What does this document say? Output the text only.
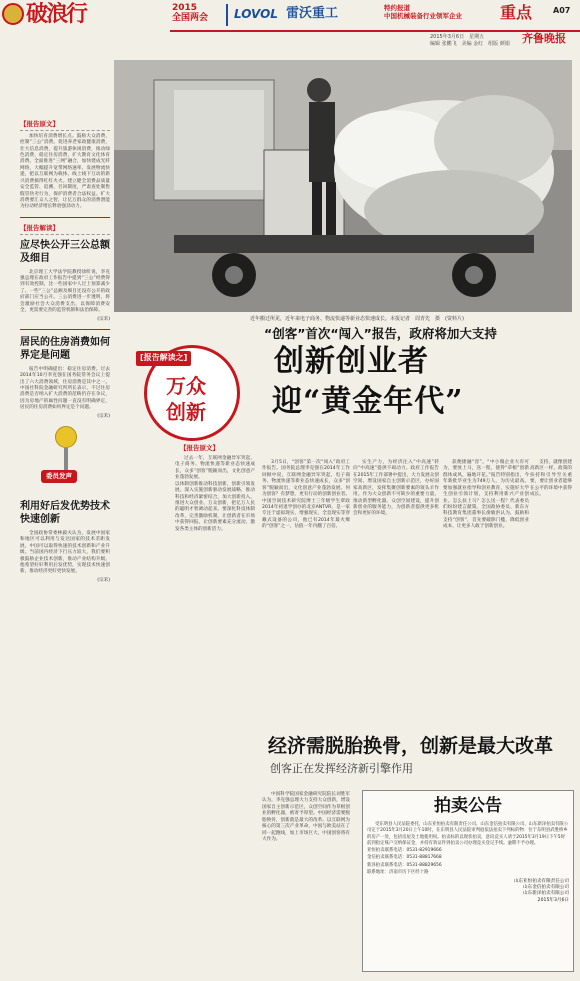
破浪行	2015
全国两会 LOVOL 雷沃重工	特约报道
中国机械装备行业领军企业 重点	A07
2015年3月6日　星期五
编辑 张鹏飞　美编 金红　组版 颜娟 齐鲁晚报
【报告原文】
加快培育消费增长点。鼓励大众消费，控制“三公”消费。促进养老家政健康消费，壮大信息消费，提升旅游休闲消费，推动绿色消费，稳定住房消费，扩大教育文化体育消费。全面推进“三网”融合，加快建成光纤网络，大幅提升宽带网络速率，发展物流快递，把以互联网为载体、线上线下互动的新兴消费搞得红红火火。建立健全消费品质量安全监管、追溯、召回制度，严肃查处制售假冒伪劣行为，保护消费者合法权益。扩大消费要汇众人之智，让亿万群众的消费潜能为拉动经济增长释放强劲动力。
【报告解读】
应尽快公开三公总额及细目
北京理工大学法学院教授徐昕说，李克强总理在政府工作报告中提到“三公”经费得到有效控制，比一些国家中人过上预算减少了。一些“三公”总额及细目还没有公开的政府部门应当公开。三公消费进一步透明，将会激励社会大众消费支出，以保障消费安全，更需要完善的监管机制和法治保障。
(宗禾)
居民的住房消费如何界定是问题
报告中明确提出：稳定住房消费。过去2014年10月李克强在国务院常务会议上提出了六大消费领域，住房消费是其中之一。中国社科院金融研究所所长表示，不过住房消费是否纳入扩大消费的范畴仍存在争议，因为房地产的属性问题一直没有明确界定，居民的住房消费如何界定是个问题。
(宗禾)
委员发声
利用好后发优势技术快速创新
全国政协常委林毅夫认为，发展中国家和地区可以利用与发达国家的技术差距发展，中国可以取得快速的技术创新和产业升级。当前国内经济下行压力较大，我们要积极鼓励企业技术创新，推动产业结构升级。他希望好好利用后发优势，实现技术快速创新，推动经济更好更快发展。
(宗禾)
近年搬迁所见，近年来电子商务、物流快递等新业态快速成长。本报记者　周青先　摄　(资料片)
“创客”首次“闯入”报告，政府将加大支持
创新创业者
迎“黄金年代”
[报告解读之]
万众
创新
【报告原文】
过去一年，互联网金融异军突起，电子商务、物流快递等新业态快速成长，众多“创客”脱颖而出，文化创意产业蓬勃发展。
以体制创新推动科技创新，创新引领发展。深入实施创新驱动发展战略，推动科技和经济紧密结合，加大创新投入，推进大众创业、万众创新，把亿万人民的聪明才智调动起来。要深化科技体制改革，完善激励机制，让创新者在市场中获得回报，让创新要素充分流动，激发各类主体的创新活力。
3月5日，“创客”第一次“闯入”政府工作报告。国务院总理李克强在2014年工作回顾中说，互联网金融异军突起，电子商务、物流快递等新业态快速成长，众多“创客”脱颖而出，文化创意产业蓬勃发展。何为创客？有梦想，更有行动的创新创业者。中国空间技术研究院博士三年级学生覃政2014年初退学创办的北京ANTVR，是一家专注于虚拟现实、增强现实，全息现实等穿戴式设备的公司，他已有2014年最火爆的“创客”之一，估值一年内翻了百倍。
实生产力，为经济注入“中高速”转向“中高速”提供不竭动力。政府工作报告在2015年工作部署中提出，大力发展众创空间，增设国家自主创新示范区，办好国家高新区，发挥集聚创新要素的领头羊作用。作为大众创新不可缺少的重要力量，推动新型孵化器、众创空间建设，提升创新创业的服务能力，为创新者提供更多机会和更好的环境。
获便捷融“容”。“中小微企业大有可为，要放上马，送一程，使得“草根”创新群体成风，遍地开花。”报告特别指出，今年新批毕业生为749万人，为历史最高。要加强就业指导和创业教育，实施好大学生创业引领计划，支持利用新兴产业创业。怎么扶上马？怎么送一程？代表委员们纷纷建言献策。全国政协委员、新东方科技教育集团董事长俞敏洪认为，鼓励和支持“创客”，首先要破除门槛，降低创业成本，让更多人敢于创新创业。
支持，就像创建高新区一样，政策的扶持和引导至关重要，要让创业者能够在公平的环境中获得成长。
经济需脱胎换骨，创新是最大改革
创客正在发挥经济新引擎作用
中国科学院国家金融研究院院长刘胜军认为，李克强总理大力支持大众创新，增设国家自主创新示范区，众创空间作为草根创业的孵化器，被寄予厚望。中国经济需要脱胎换骨，创新就是最大的改革。以互联网为核心的第三次产业革命，中国与欧美站在了同一起跑线，加上市场巨大，中国创客将有大作为。
拍卖公告
受东明县人民法院委托，山东亚恒拍卖有限责任公司、山东金信拍卖有限公司、山东新泽拍卖有限公司定于2015年3月20日上午10时，在东明县人民法院审判庭依法拍卖下列标的物：位于东明县武胜桥乡的房产一处，包括房屋及土地使用权。拍卖标的以现状拍卖，意向竞买人请于2015年3月19日下午5时前到指定账户交纳保证金，并持有效证件到拍卖公司办理竞买登记手续。逾期不予办理。
亚恒拍卖联系电话：0531-82919666
金信拍卖联系电话：0531-88817668
新泽拍卖联系电话：0531-88829656
联系地址：济南市历下区经十路
山东亚恒拍卖有限责任公司
山东金信拍卖有限公司
山东新泽拍卖有限公司
2015年3月6日
